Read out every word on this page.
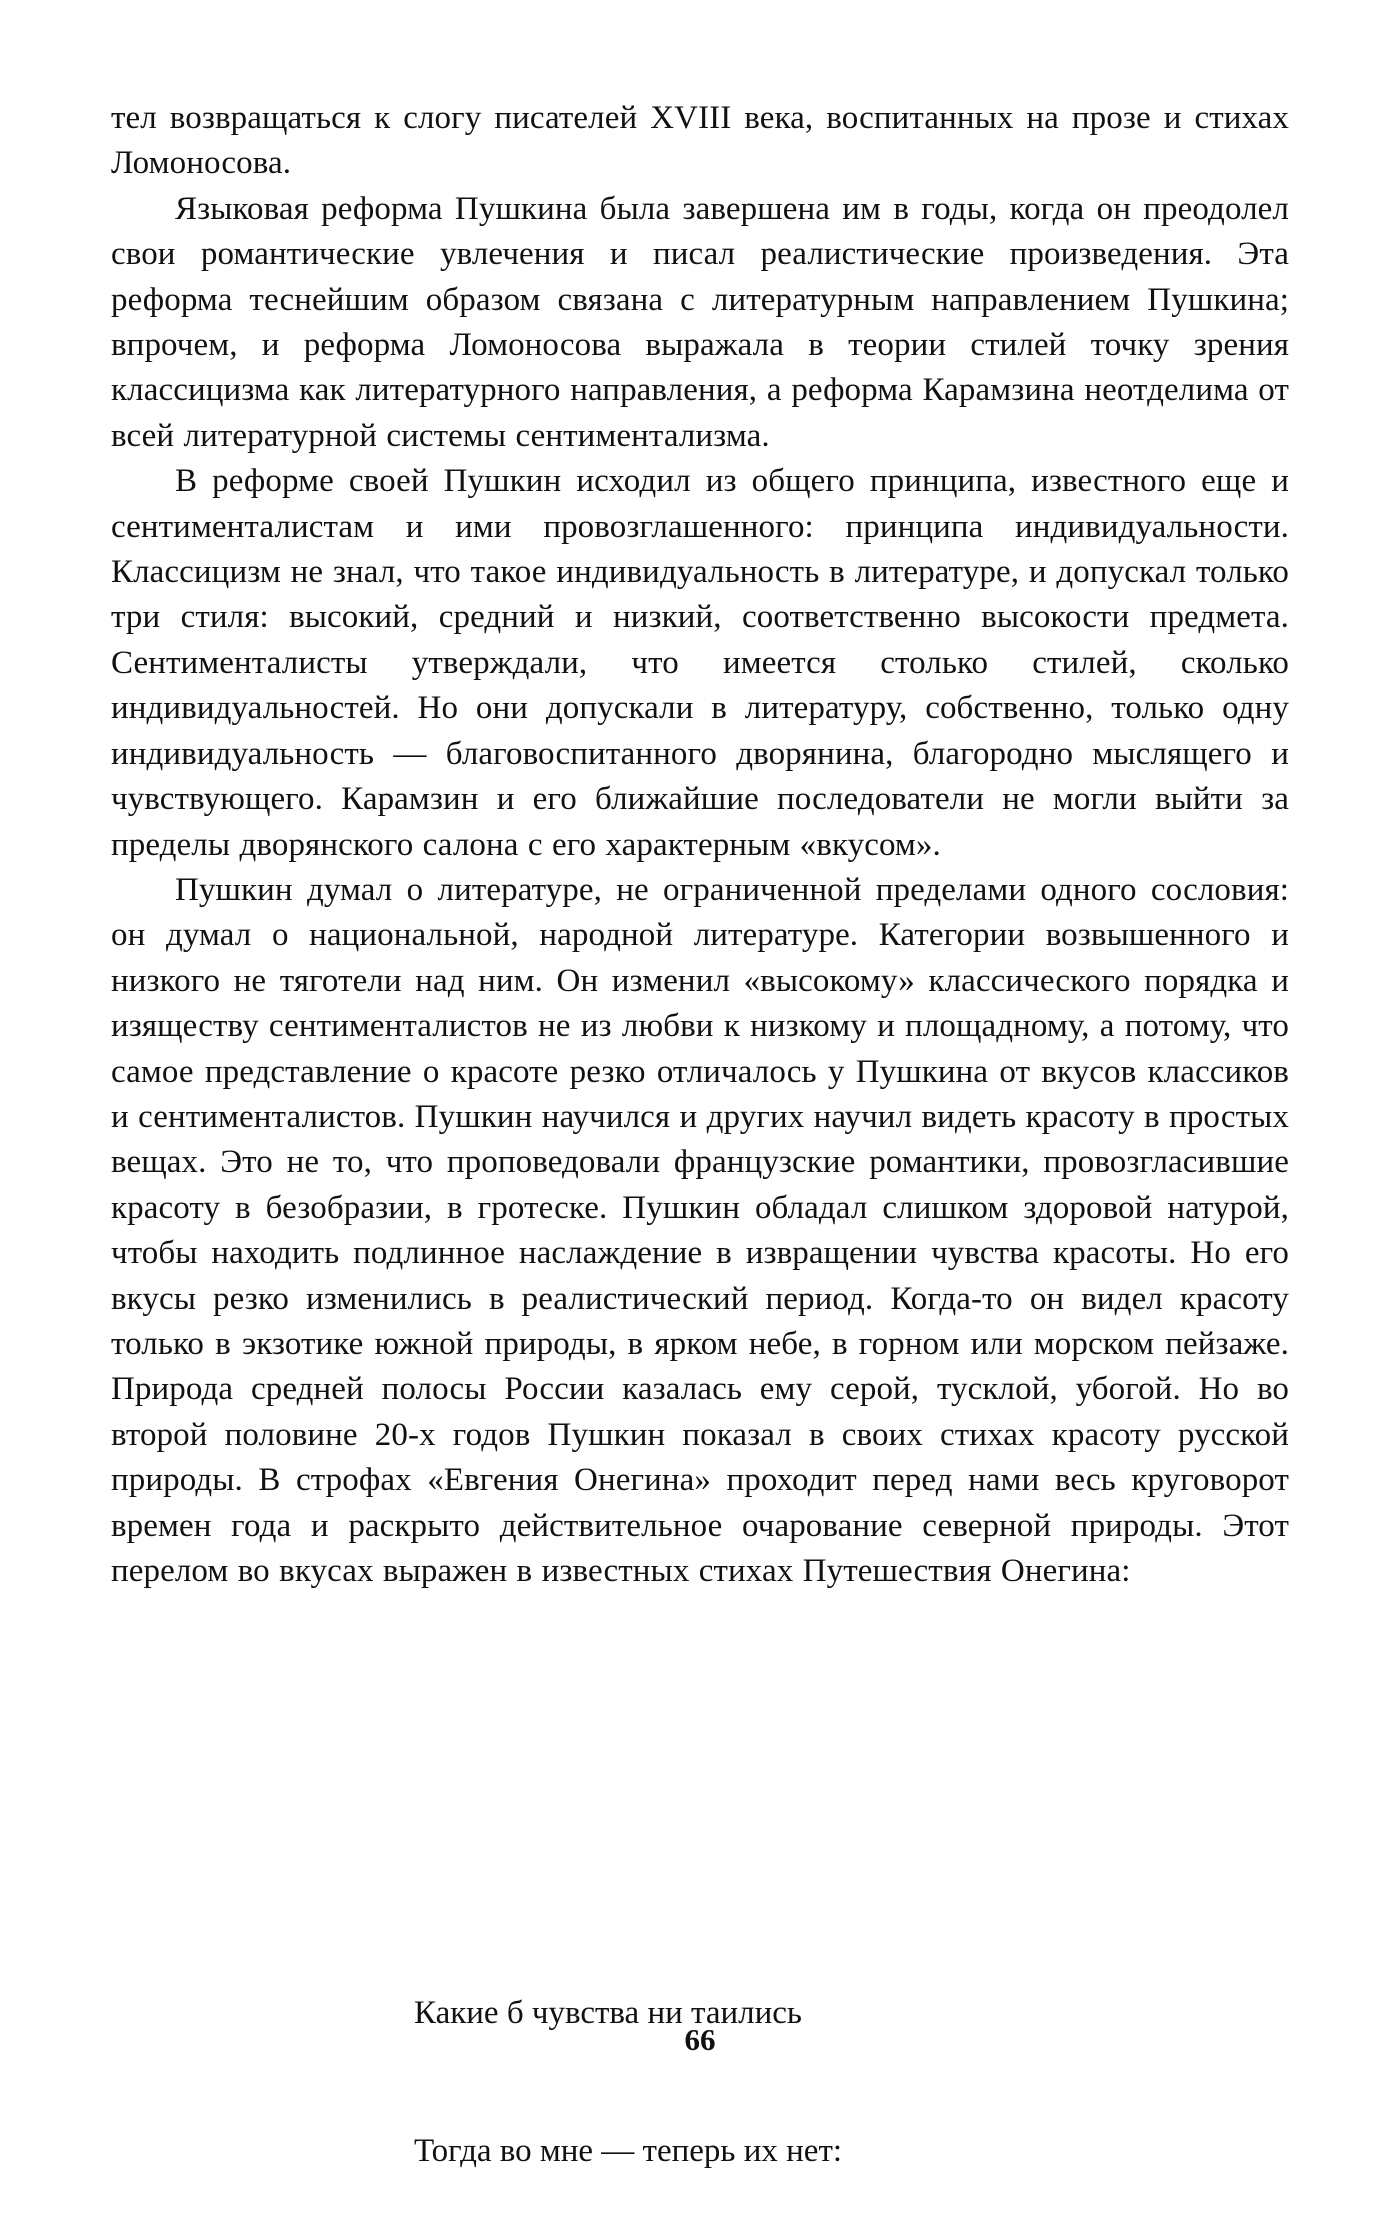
тел возвращаться к слогу писателей XVIII века, воспитанных на прозе и стихах Ломоносова.

Языковая реформа Пушкина была завершена им в годы, когда он преодолел свои романтические увлечения и писал реалистические произведения. Эта реформа теснейшим образом связана с литературным направлением Пушкина; впрочем, и реформа Ломоносова выражала в теории стилей точку зрения классицизма как литературного направления, а реформа Карамзина неотделима от всей литературной системы сентиментализма.

В реформе своей Пушкин исходил из общего принципа, известного еще и сентименталистам и ими провозглашенного: принципа индивидуальности. Классицизм не знал, что такое индивидуальность в литературе, и допускал только три стиля: высокий, средний и низкий, соответственно высокости предмета. Сентименталисты утверждали, что имеется столько стилей, сколько индивидуальностей. Но они допускали в литературу, собственно, только одну индивидуальность — благовоспитанного дворянина, благородно мыслящего и чувствующего. Карамзин и его ближайшие последователи не могли выйти за пределы дворянского салона с его характерным «вкусом».

Пушкин думал о литературе, не ограниченной пределами одного сословия: он думал о национальной, народной литературе. Категории возвышенного и низкого не тяготели над ним. Он изменил «высокому» классического порядка и изяществу сентименталистов не из любви к низкому и площадному, а потому, что самое представление о красоте резко отличалось у Пушкина от вкусов классиков и сентименталистов. Пушкин научился и других научил видеть красоту в простых вещах. Это не то, что проповедовали французские романтики, провозгласившие красоту в безобразии, в гротеске. Пушкин обладал слишком здоровой натурой, чтобы находить подлинное наслаждение в извращении чувства красоты. Но его вкусы резко изменились в реалистический период. Когда-то он видел красоту только в экзотике южной природы, в ярком небе, в горном или морском пейзаже. Природа средней полосы России казалась ему серой, тусклой, убогой. Но во второй половине 20-х годов Пушкин показал в своих стихах красоту русской природы. В строфах «Евгения Онегина» проходит перед нами весь круговорот времен года и раскрыто действительное очарование северной природы. Этот перелом во вкусах выражен в известных стихах Путешествия Онегина:

Какие б чувства ни таились

Тогда во мне — теперь их нет:

66
